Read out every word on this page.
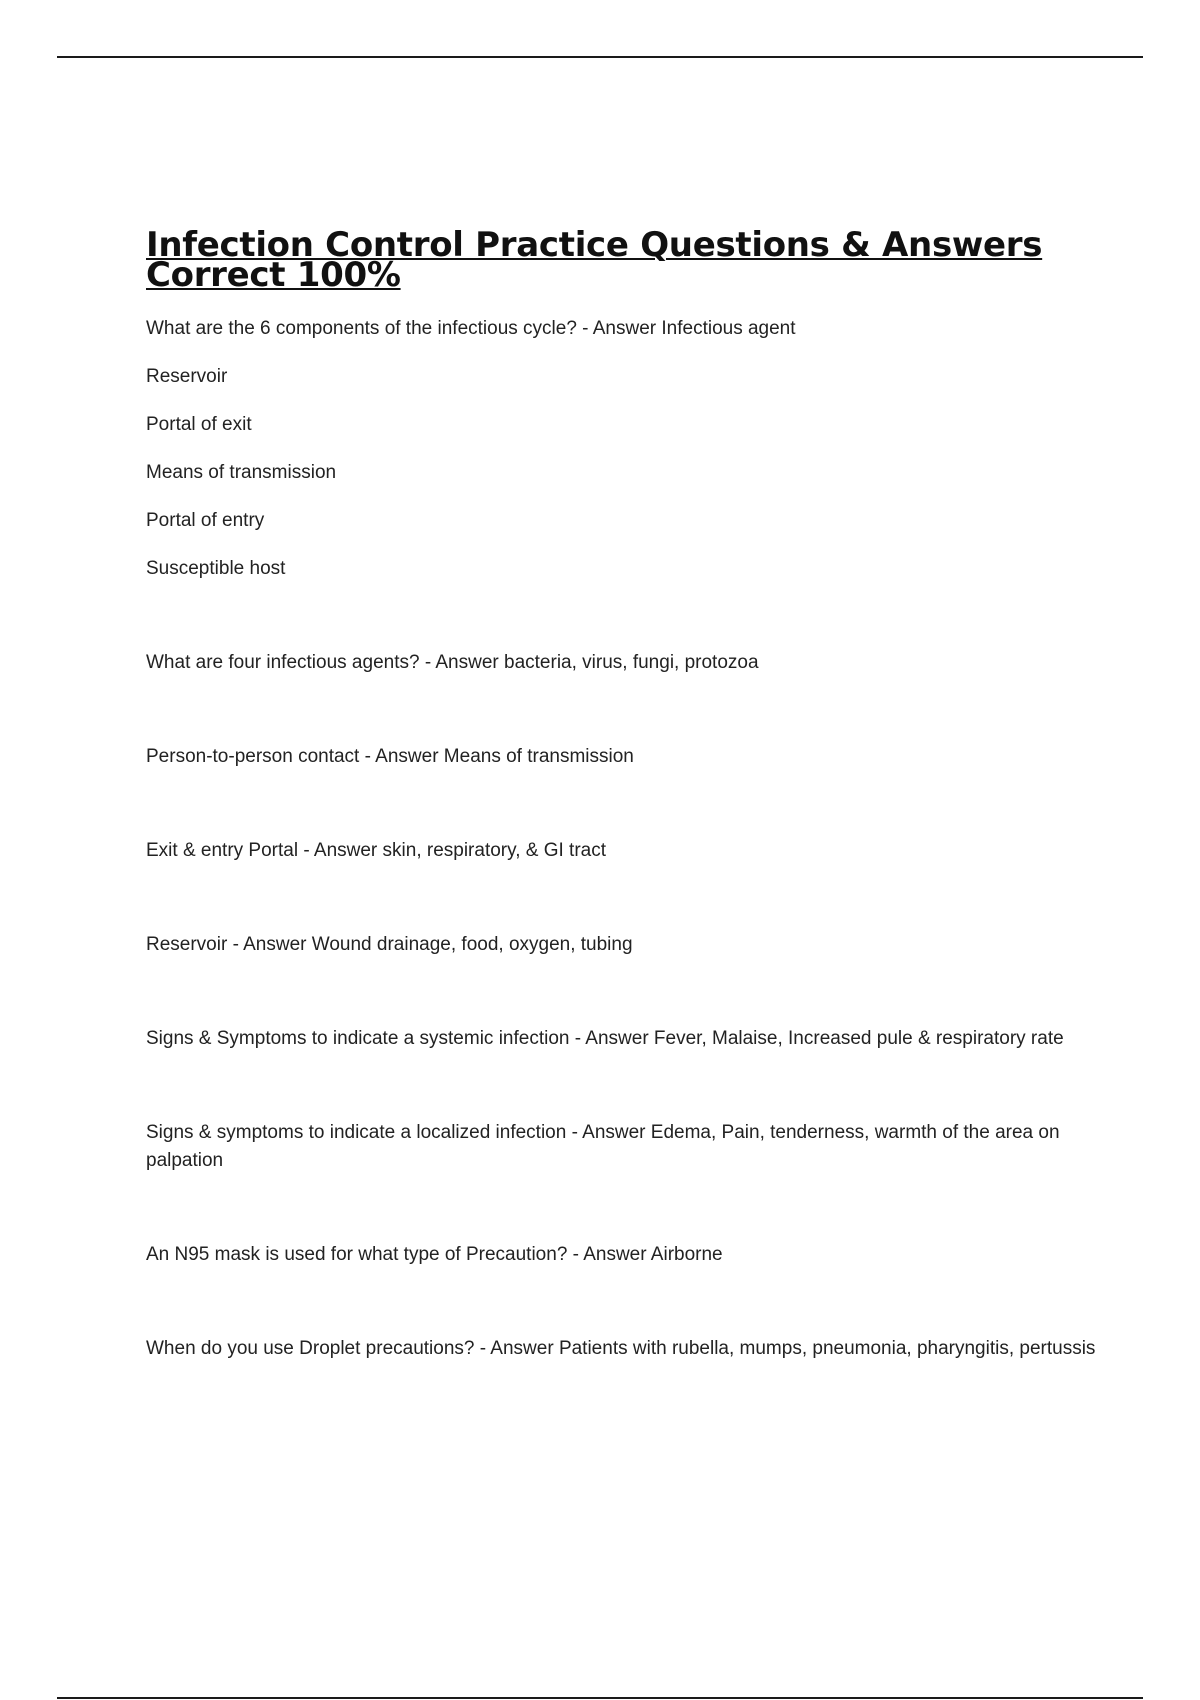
Infection Control Practice Questions & Answers Correct 100%
What are the 6 components of the infectious cycle? - Answer Infectious agent
Reservoir
Portal of exit
Means of transmission
Portal of entry
Susceptible host
What are four infectious agents? - Answer bacteria, virus, fungi, protozoa
Person-to-person contact - Answer Means of transmission
Exit & entry Portal - Answer skin, respiratory, & GI tract
Reservoir - Answer Wound drainage, food, oxygen, tubing
Signs & Symptoms to indicate a systemic infection - Answer Fever, Malaise, Increased pule & respiratory rate
Signs & symptoms to indicate a localized infection - Answer Edema, Pain, tenderness, warmth of the area on palpation
An N95 mask is used for what type of Precaution? - Answer Airborne
When do you use Droplet precautions? - Answer Patients with rubella, mumps, pneumonia, pharyngitis, pertussis
